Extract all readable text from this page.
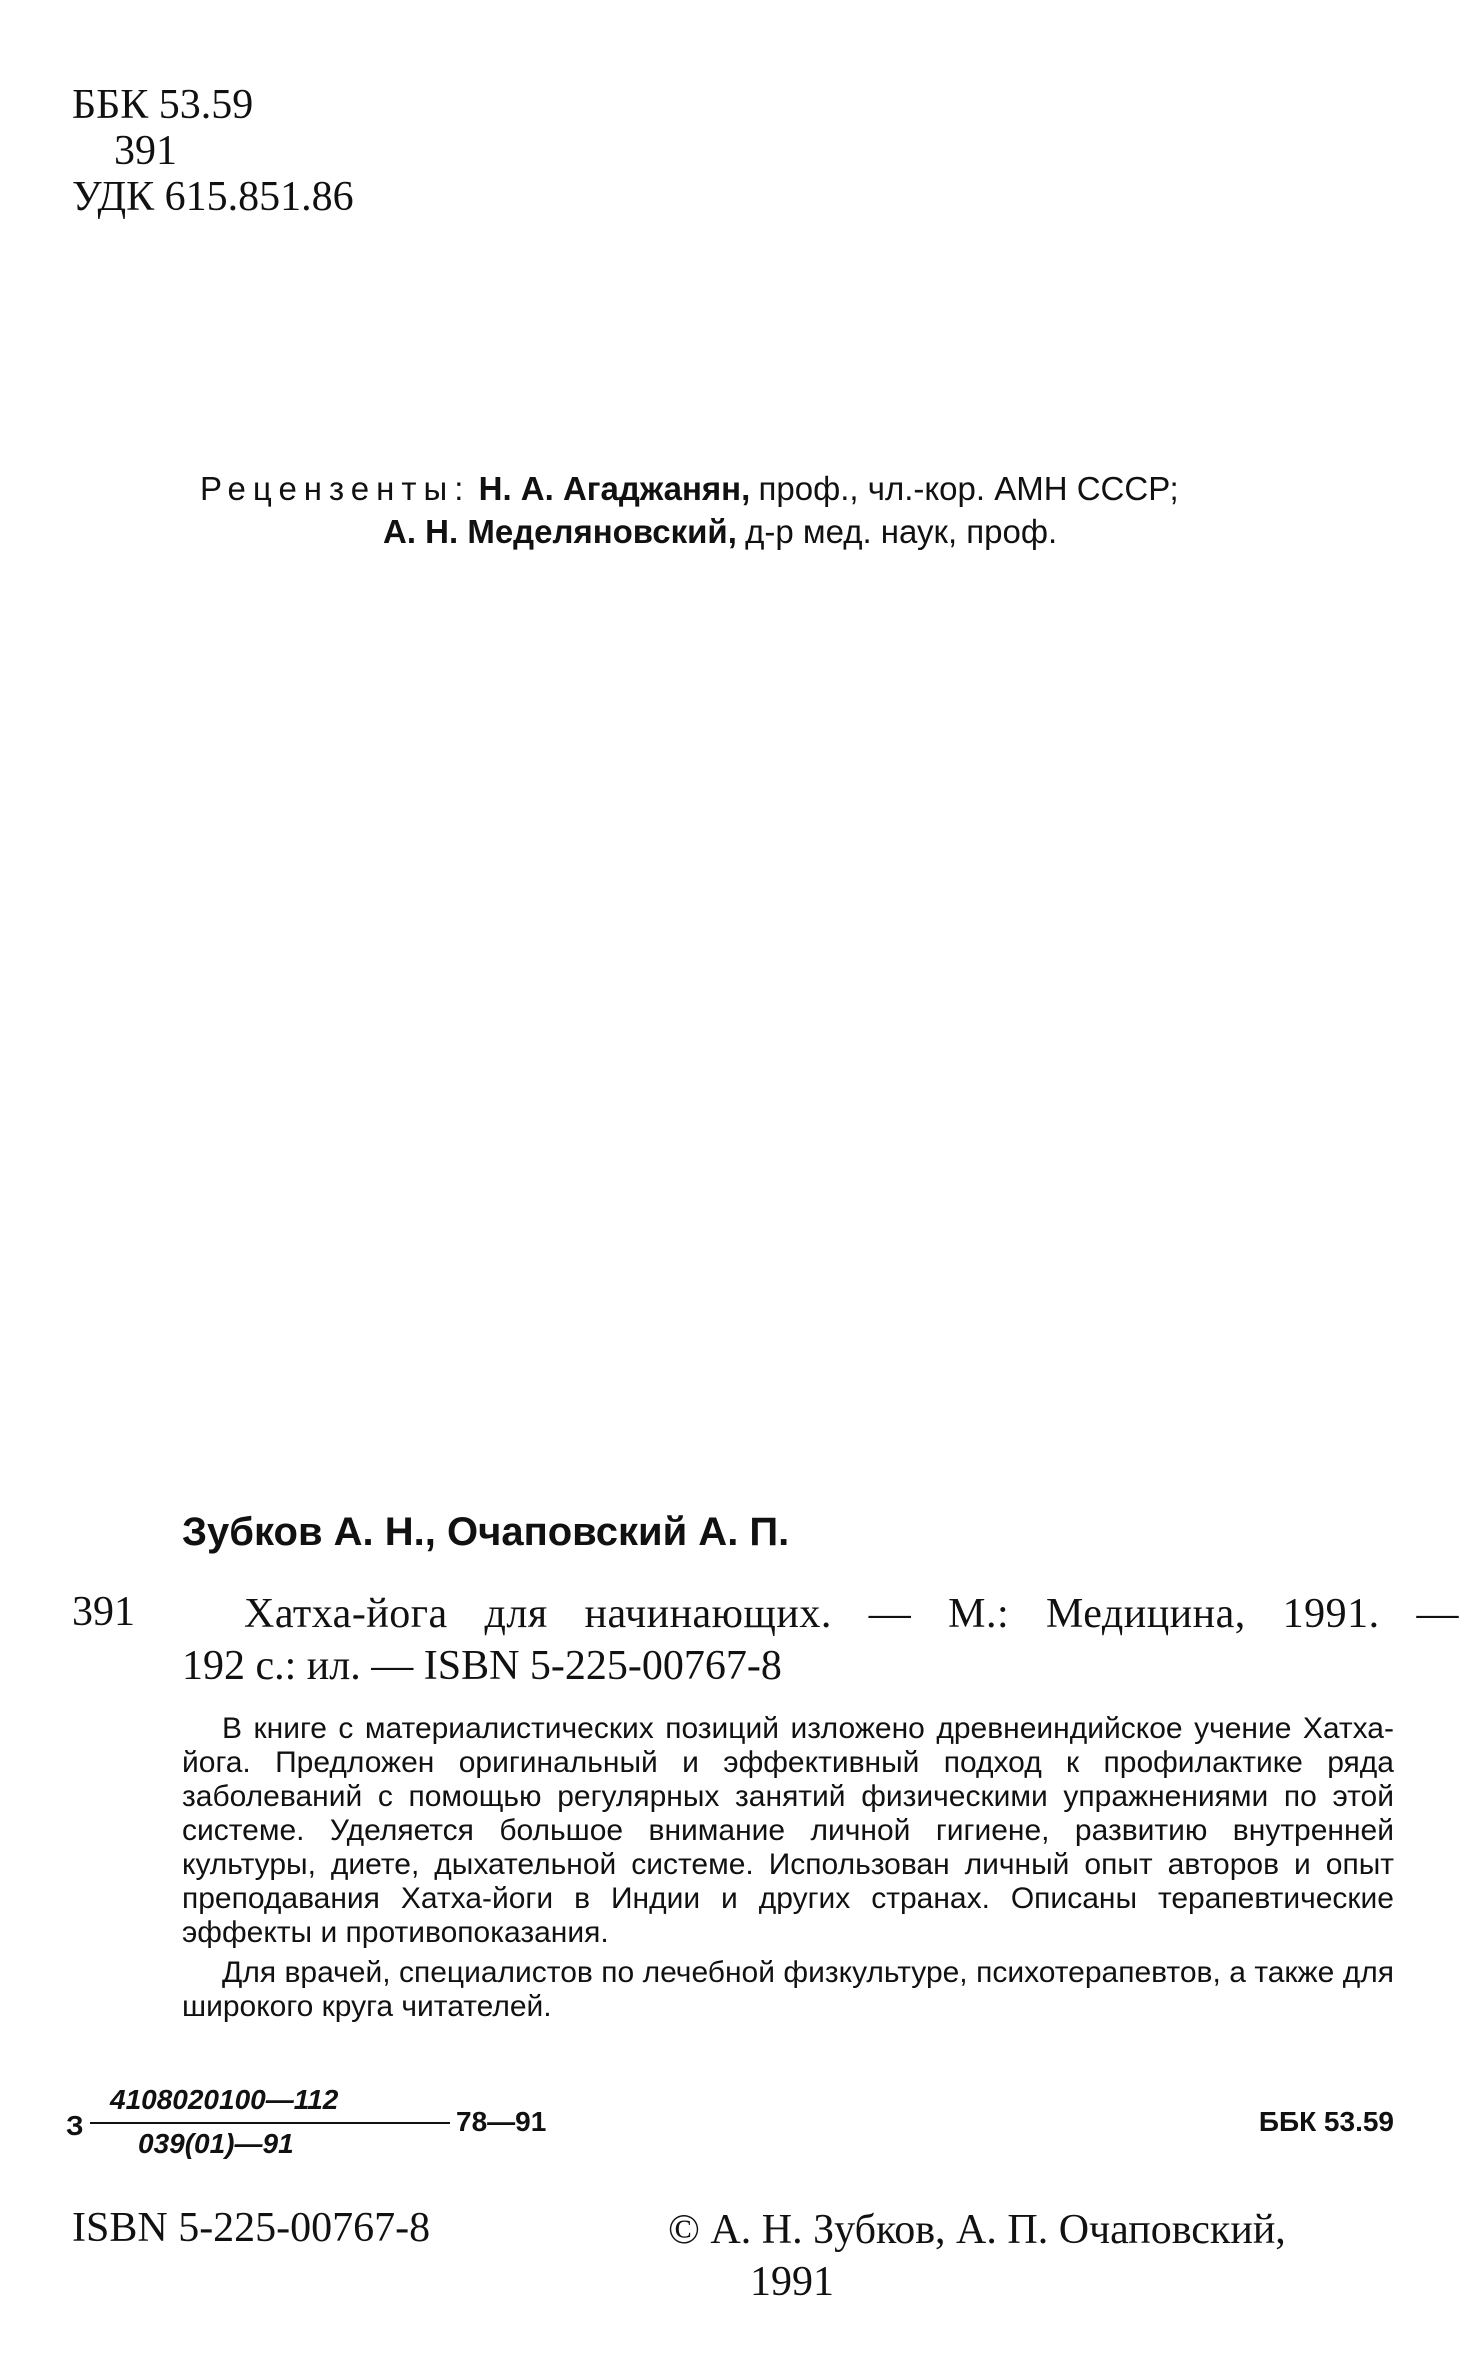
ББК 53.59
391
УДК 615.851.86
Рецензенты: Н. А. Агаджанян, проф., чл.-кор. АМН СССР;
А. Н. Меделяновский, д-р мед. наук, проф.
Зубков А. Н., Очаповский А. П.
391	Хатха-йога для начинающих. — М.: Медицина, 1991. —
192 с.: ил. — ISBN 5-225-00767-8

В книге с материалистических позиций изложено древнеиндийское учение Хатха-йога. Предложен оригинальный и эффективный подход к профилактике ряда заболеваний с помощью регулярных занятий физическими упражнениями по этой системе. Уделяется большое внимание личной гигиене, развитию внутренней культуры, диете, дыхательной системе. Использован личный опыт авторов и опыт преподавания Хатха-йоги в Индии и других странах. Описаны терапевтические эффекты и противопоказания.

Для врачей, специалистов по лечебной физкультуре, психотерапевтов, а также для широкого круга читателей.

З
4108020100—112
039(01)—91
78—91	ББК 53.59
ISBN 5-225-00767-8	© А. Н. Зубков, А. П. Очаповский,
1991
